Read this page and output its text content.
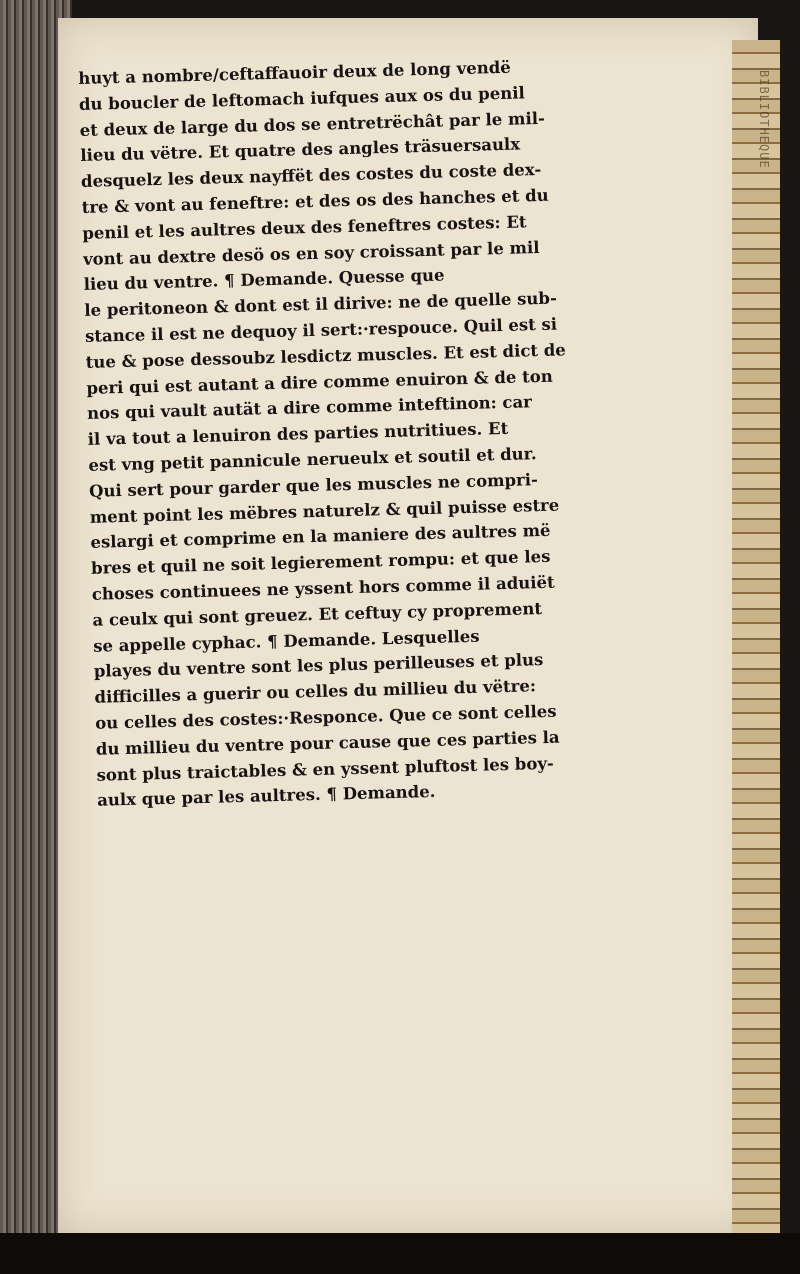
BIBLIOTHEQUE
huyt a nombre/ceftaffauoir deux de long vendë
du boucler de leftomach iufques aux os du penil
et deux de large du dos se entretrëchât par le mil-
lieu du vëtre. Et quatre des angles träsuersaulx
desquelz les deux nayffët des costes du coste dex-
tre & vont au feneftre: et des os des hanches et du
penil et les aultres deux des feneftres costes: Et
vont au dextre desö os en soy croissant par le mil
lieu du ventre. ¶ Demande. Quesse que
le peritoneon & dont est il dirive: ne de quelle sub-
stance il est ne dequoy il sert:·respouce. Quil est si
tue & pose dessoubz lesdictz muscles. Et est dict de
peri qui est autant a dire comme enuiron & de ton
nos qui vault autät a dire comme inteftinon: car
il va tout a lenuiron des parties nutritiues. Et
est vng petit pannicule nerueulx et soutil et dur.
Qui sert pour garder que les muscles ne compri-
ment point les mëbres naturelz & quil puisse estre
eslargi et comprime en la maniere des aultres më
bres et quil ne soit legierement rompu: et que les
choses continuees ne yssent hors comme il aduiët
a ceulx qui sont greuez. Et ceftuy cy proprement
se appelle cyphac. ¶ Demande. Lesquelles
playes du ventre sont les plus perilleuses et plus
difficilles a guerir ou celles du millieu du vëtre:
ou celles des costes:·Responce. Que ce sont celles
du millieu du ventre pour cause que ces parties la
sont plus traictables & en yssent pluftost les boy-
aulx que par les aultres. ¶ Demande.
